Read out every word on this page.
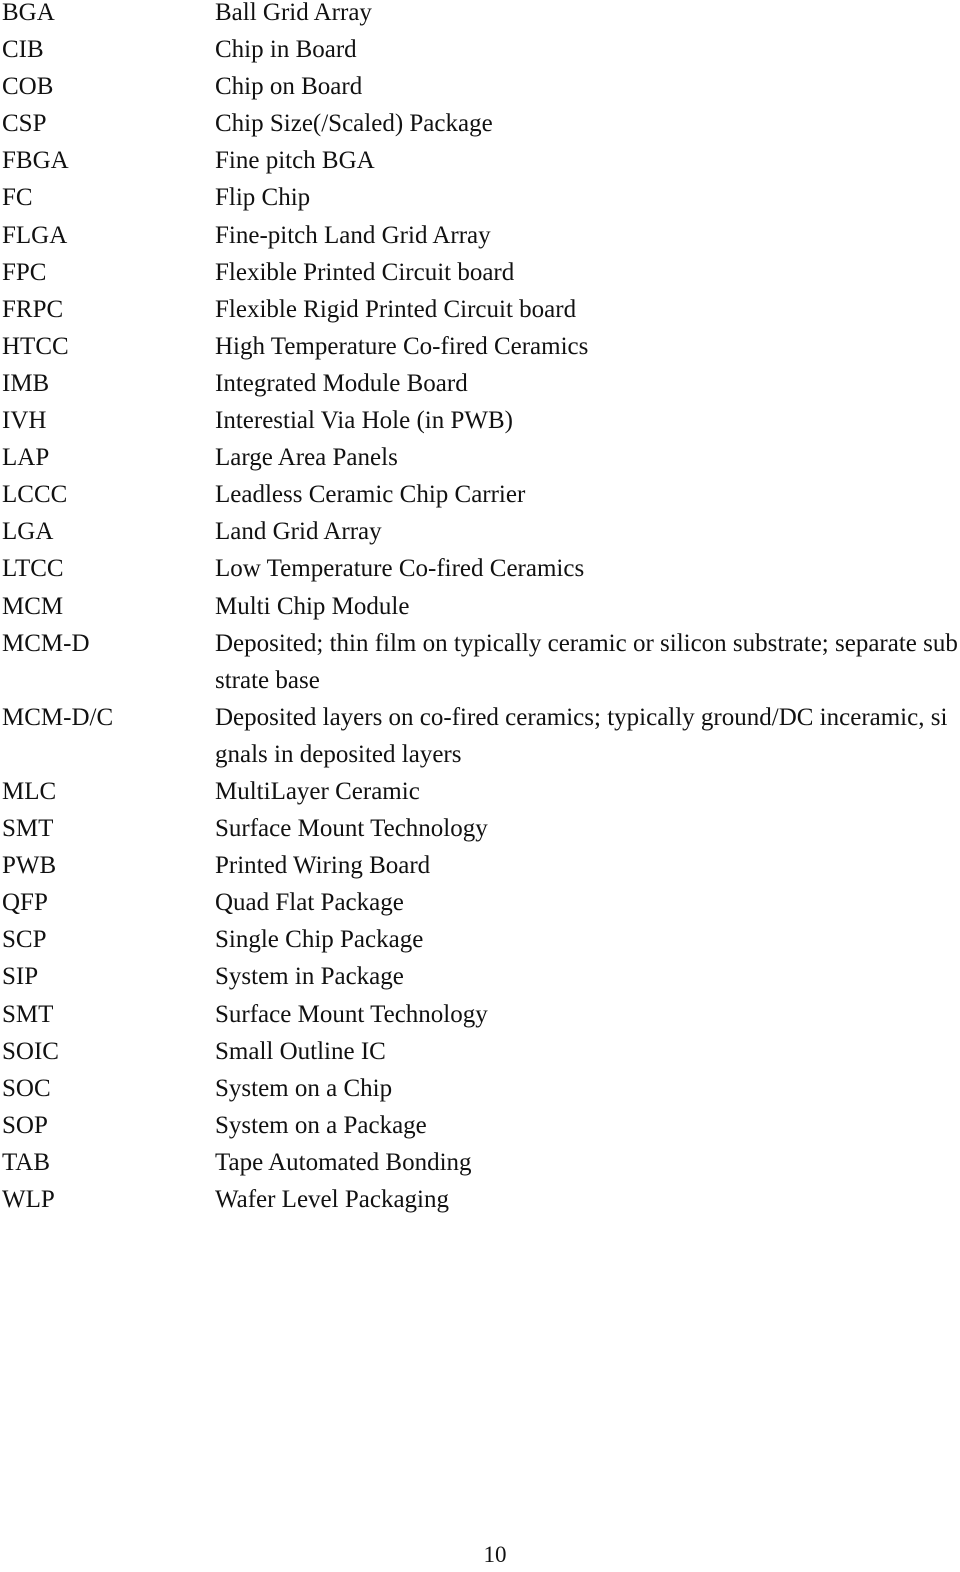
BGA	Ball Grid Array
CIB	Chip in Board
COB	Chip on Board
CSP	Chip Size(/Scaled) Package
FBGA	Fine pitch BGA
FC	Flip Chip
FLGA	Fine-pitch Land Grid Array
FPC	Flexible Printed Circuit board
FRPC	Flexible Rigid Printed Circuit board
HTCC	High Temperature Co-fired Ceramics
IMB	Integrated Module Board
IVH	Interestial Via Hole (in PWB)
LAP	Large Area Panels
LCCC	Leadless Ceramic Chip Carrier
LGA	Land Grid Array
LTCC	Low Temperature Co-fired Ceramics
MCM	Multi Chip Module
MCM-D	Deposited; thin film on typically ceramic or silicon substrate; separate substrate base
MCM-D/C	Deposited layers on co-fired ceramics; typically ground/DC inceramic, signals in deposited layers
MLC	MultiLayer Ceramic
SMT	Surface Mount Technology
PWB	Printed Wiring Board
QFP	Quad Flat Package
SCP	Single Chip Package
SIP	System in Package
SMT	Surface Mount Technology
SOIC	Small Outline IC
SOC	System on a Chip
SOP	System on a Package
TAB	Tape Automated Bonding
WLP	Wafer Level Packaging
10
